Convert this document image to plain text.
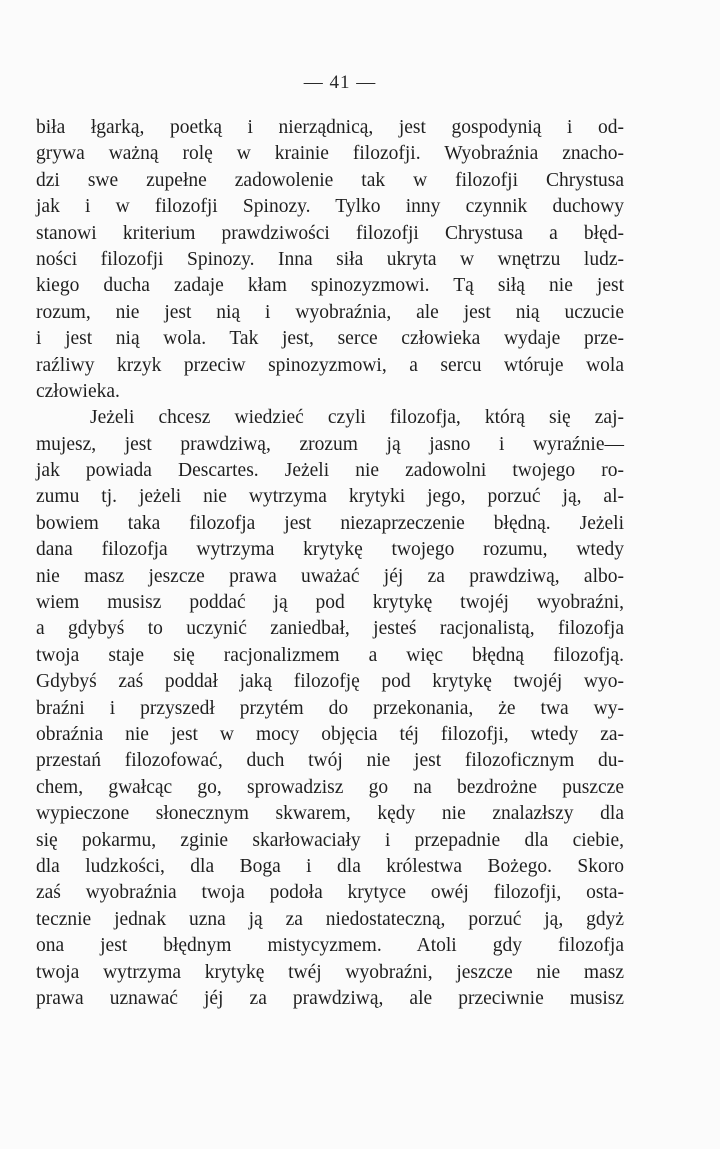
— 41 —
biła łgarką, poetką i nierządnicą, jest gospodynią i od-
grywa ważną rolę w krainie filozofji. Wyobraźnia znacho-
dzi swe zupełne zadowolenie tak w filozofji Chrystusa
jak i w filozofji Spinozy. Tylko inny czynnik duchowy
stanowi kriterium prawdziwości filozofji Chrystusa a błęd-
ności filozofji Spinozy. Inna siła ukryta w wnętrzu ludz-
kiego ducha zadaje kłam spinozyzmowi. Tą siłą nie jest
rozum, nie jest nią i wyobraźnia, ale jest nią uczucie
i jest nią wola. Tak jest, serce człowieka wydaje prze-
raźliwy krzyk przeciw spinozyzmowi, a sercu wtóruje wola
człowieka.
Jeżeli chcesz wiedzieć czyli filozofja, którą się zaj-
mujesz, jest prawdziwą, zrozum ją jasno i wyraźnie—
jak powiada Descartes. Jeżeli nie zadowolni twojego ro-
zumu tj. jeżeli nie wytrzyma krytyki jego, porzuć ją, al-
bowiem taka filozofja jest niezaprzeczenie błędną. Jeżeli
dana filozofja wytrzyma krytykę twojego rozumu, wtedy
nie masz jeszcze prawa uważać jéj za prawdziwą, albo-
wiem musisz poddać ją pod krytykę twojéj wyobraźni,
a gdybyś to uczynić zaniedbał, jesteś racjonalistą, filozofja
twoja staje się racjonalizmem a więc błędną filozofją.
Gdybyś zaś poddał jaką filozofję pod krytykę twojéj wyo-
braźni i przyszedł przytém do przekonania, że twa wy-
obraźnia nie jest w mocy objęcia téj filozofji, wtedy za-
przestań filozofować, duch twój nie jest filozoficznym du-
chem, gwałcąc go, sprowadzisz go na bezdrożne puszcze
wypieczone słonecznym skwarem, kędy nie znalazłszy dla
się pokarmu, zginie skarłowaciały i przepadnie dla ciebie,
dla ludzkości, dla Boga i dla królestwa Bożego. Skoro
zaś wyobraźnia twoja podoła krytyce owéj filozofji, osta-
tecznie jednak uzna ją za niedostateczną, porzuć ją, gdyż
ona jest błędnym mistycyzmem. Atoli gdy filozofja
twoja wytrzyma krytykę twéj wyobraźni, jeszcze nie masz
prawa uznawać jéj za prawdziwą, ale przeciwnie musisz
